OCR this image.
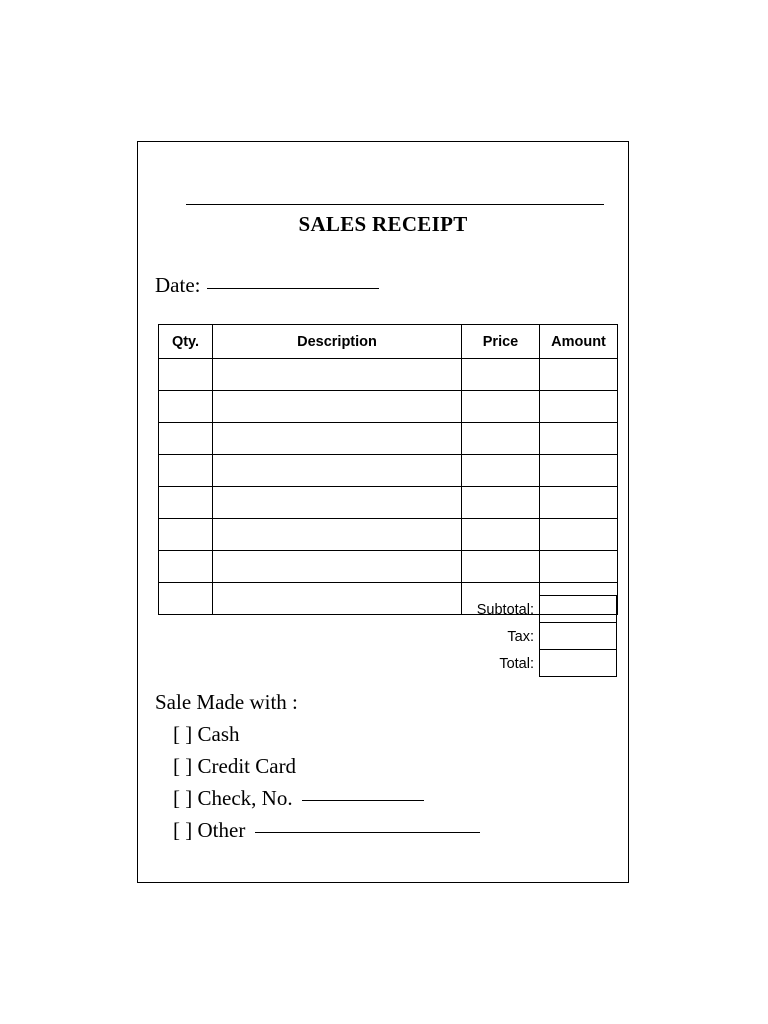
SALES RECEIPT
Date:
Qty.	Description	Price	Amount

Subtotal:
Tax:
Total:
Sale Made with :
[ ] Cash
[ ] Credit Card
[ ] Check, No.
[ ] Other
